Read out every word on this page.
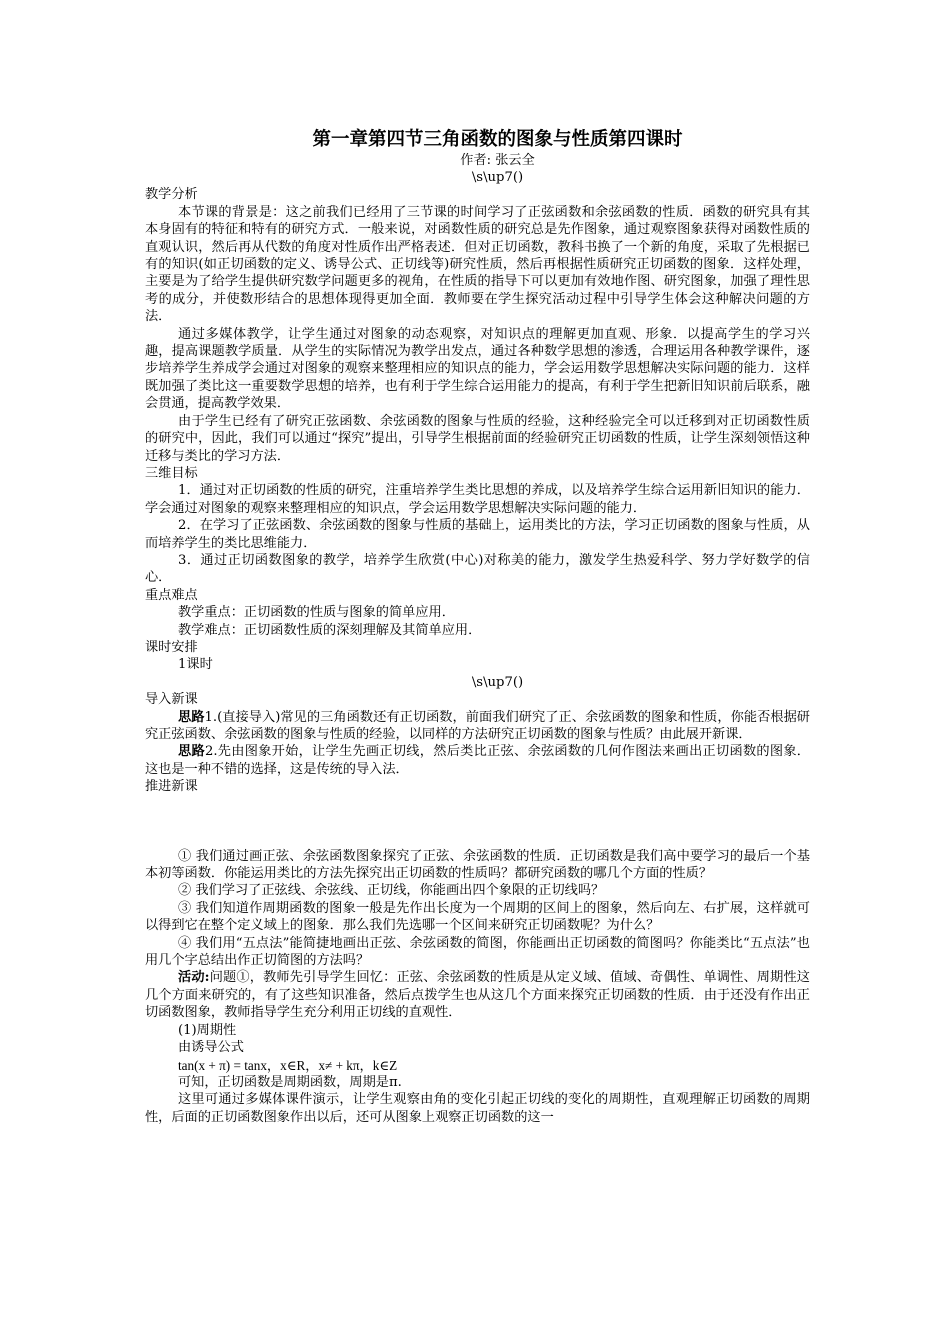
第一章第四节三角函数的图象与性质第四课时
作者: 张云全
\s\up7()
教学分析

本节课的背景是：这之前我们已经用了三节课的时间学习了正弦函数和余弦函数的性质．函数的研究具有其本身固有的特征和特有的研究方式．一般来说，对函数性质的研究总是先作图象，通过观察图象获得对函数性质的直观认识，然后再从代数的角度对性质作出严格表述．但对正切函数，教科书换了一个新的角度，采取了先根据已有的知识(如正切函数的定义、诱导公式、正切线等)研究性质，然后再根据性质研究正切函数的图象．这样处理，主要是为了给学生提供研究数学问题更多的视角，在性质的指导下可以更加有效地作图、研究图象，加强了理性思考的成分，并使数形结合的思想体现得更加全面．教师要在学生探究活动过程中引导学生体会这种解决问题的方法．

通过多媒体教学，让学生通过对图象的动态观察，对知识点的理解更加直观、形象．以提高学生的学习兴趣，提高课题教学质量．从学生的实际情况为教学出发点，通过各种数学思想的渗透，合理运用各种教学课件，逐步培养学生养成学会通过对图象的观察来整理相应的知识点的能力，学会运用数学思想解决实际问题的能力．这样既加强了类比这一重要数学思想的培养，也有利于学生综合运用能力的提高，有利于学生把新旧知识前后联系，融会贯通，提高教学效果．

由于学生已经有了研究正弦函数、余弦函数的图象与性质的经验，这种经验完全可以迁移到对正切函数性质的研究中，因此，我们可以通过“探究”提出，引导学生根据前面的经验研究正切函数的性质，让学生深刻领悟这种迁移与类比的学习方法．

三维目标

1．通过对正切函数的性质的研究，注重培养学生类比思想的养成，以及培养学生综合运用新旧知识的能力．学会通过对图象的观察来整理相应的知识点，学会运用数学思想解决实际问题的能力．

2．在学习了正弦函数、余弦函数的图象与性质的基础上，运用类比的方法，学习正切函数的图象与性质，从而培养学生的类比思维能力．

3．通过正切函数图象的教学，培养学生欣赏(中心)对称美的能力，激发学生热爱科学、努力学好数学的信心．

重点难点

教学重点：正切函数的性质与图象的简单应用．

教学难点：正切函数性质的深刻理解及其简单应用．

课时安排

1课时

\s\up7()
导入新课

思路1.(直接导入)常见的三角函数还有正切函数，前面我们研究了正、余弦函数的图象和性质，你能否根据研究正弦函数、余弦函数的图象与性质的经验，以同样的方法研究正切函数的图象与性质？由此展开新课．

思路2.先由图象开始，让学生先画正切线，然后类比正弦、余弦函数的几何作图法来画出正切函数的图象．这也是一种不错的选择，这是传统的导入法．

推进新课

① 我们通过画正弦、余弦函数图象探究了正弦、余弦函数的性质．正切函数是我们高中要学习的最后一个基本初等函数．你能运用类比的方法先探究出正切函数的性质吗？都研究函数的哪几个方面的性质？

② 我们学习了正弦线、余弦线、正切线，你能画出四个象限的正切线吗？

③ 我们知道作周期函数的图象一般是先作出长度为一个周期的区间上的图象，然后向左、右扩展，这样就可以得到它在整个定义域上的图象．那么我们先选哪一个区间来研究正切函数呢？为什么？

④ 我们用“五点法”能简捷地画出正弦、余弦函数的简图，你能画出正切函数的简图吗？你能类比“五点法”也用几个字总结出作正切简图的方法吗？

活动:问题①，教师先引导学生回忆：正弦、余弦函数的性质是从定义域、值域、奇偶性、单调性、周期性这几个方面来研究的，有了这些知识准备，然后点拨学生也从这几个方面来探究正切函数的性质．由于还没有作出正切函数图象，教师指导学生充分利用正切线的直观性．

(1)周期性

由诱导公式

tan(x + π) = tanx，x∈R，x≠ + kπ，k∈Z

可知，正切函数是周期函数，周期是π.

这里可通过多媒体课件演示，让学生观察由角的变化引起正切线的变化的周期性，直观理解正切函数的周期性，后面的正切函数图象作出以后，还可从图象上观察正切函数的这一
